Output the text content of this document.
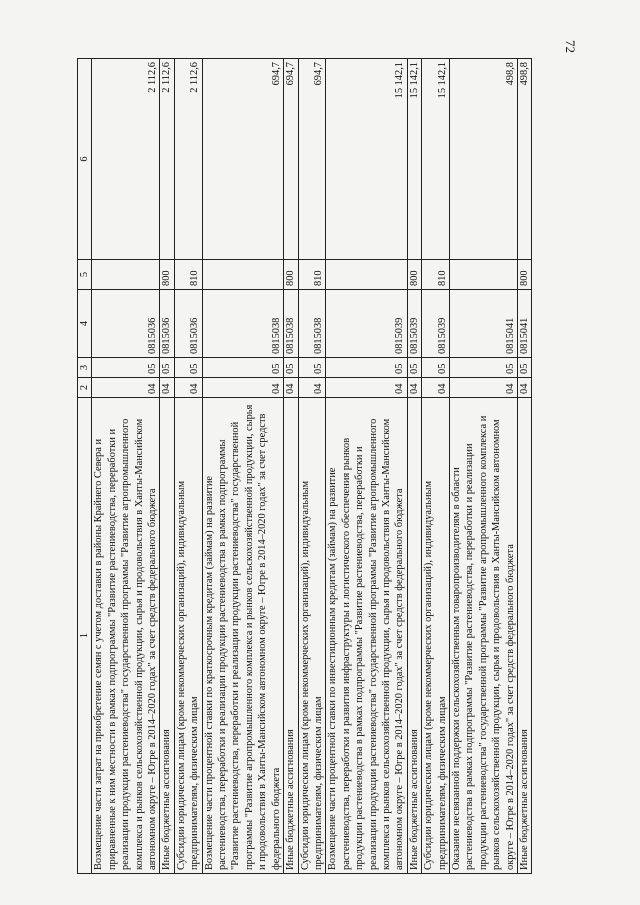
72
1	2	3	4	5	6
Возмещение части затрат на приобретение семян с учетом доставки в районы Крайнего Севера и приравненные к ним местности в рамках подпрограммы "Развитие растениеводства, переработки и реализации продукции растениеводства" государственной программы "Развитие агропромышленного комплекса и рынков сельскохозяйственной продукции, сырья и продовольствия в Ханты-Мансийском автономном округе – Югре в 2014–2020 годах" за счет средств федерального бюджета	04	05	0815036		2 112,6
Иные бюджетные ассигнования	04	05	0815036	800	2 112,6
Субсидии юридическим лицам (кроме некоммерческих организаций), индивидуальным предпринимателям, физическим лицам	04	05	0815036	810	2 112,6
Возмещение части процентной ставки по краткосрочным кредитам (займам) на развитие растениеводства, переработки и реализации продукции растениеводства в рамках подпрограммы "Развитие растениеводства, переработки и реализации продукции растениеводства" государственной программы "Развитие агропромышленного комплекса и рынков сельскохозяйственной продукции, сырья и продовольствия в Ханты-Мансийском автономном округе – Югре в 2014–2020 годах" за счет средств федерального бюджета	04	05	0815038		694,7
Иные бюджетные ассигнования	04	05	0815038	800	694,7
Субсидии юридическим лицам (кроме некоммерческих организаций), индивидуальным предпринимателям, физическим лицам	04	05	0815038	810	694,7
Возмещение части процентной ставки по инвестиционным кредитам (займам) на развитие растениеводства, переработки и развития инфраструктуры и логистического обеспечения рынков продукции растениеводства в рамках подпрограммы "Развитие растениеводства, переработки и реализации продукции растениеводства" государственной программы "Развитие агропромышленного комплекса и рынков сельскохозяйственной продукции, сырья и продовольствия в Ханты-Мансийском автономном округе – Югре в 2014–2020 годах" за счет средств федерального бюджета	04	05	0815039		15 142,1
Иные бюджетные ассигнования	04	05	0815039	800	15 142,1
Субсидии юридическим лицам (кроме некоммерческих организаций), индивидуальным предпринимателям, физическим лицам	04	05	0815039	810	15 142,1
Оказание несвязанной поддержки сельскохозяйственным товаропроизводителям в области растениеводства в рамках подпрограммы "Развитие растениеводства, переработки и реализации продукции растениеводства" государственной программы "Развитие агропромышленного комплекса и рынков сельскохозяйственной продукции, сырья и продовольствия в Ханты-Мансийском автономном округе – Югре в 2014–2020 годах" за счет средств федерального бюджета	04	05	0815041		498,8
Иные бюджетные ассигнования	04	05	0815041	800	498,8
